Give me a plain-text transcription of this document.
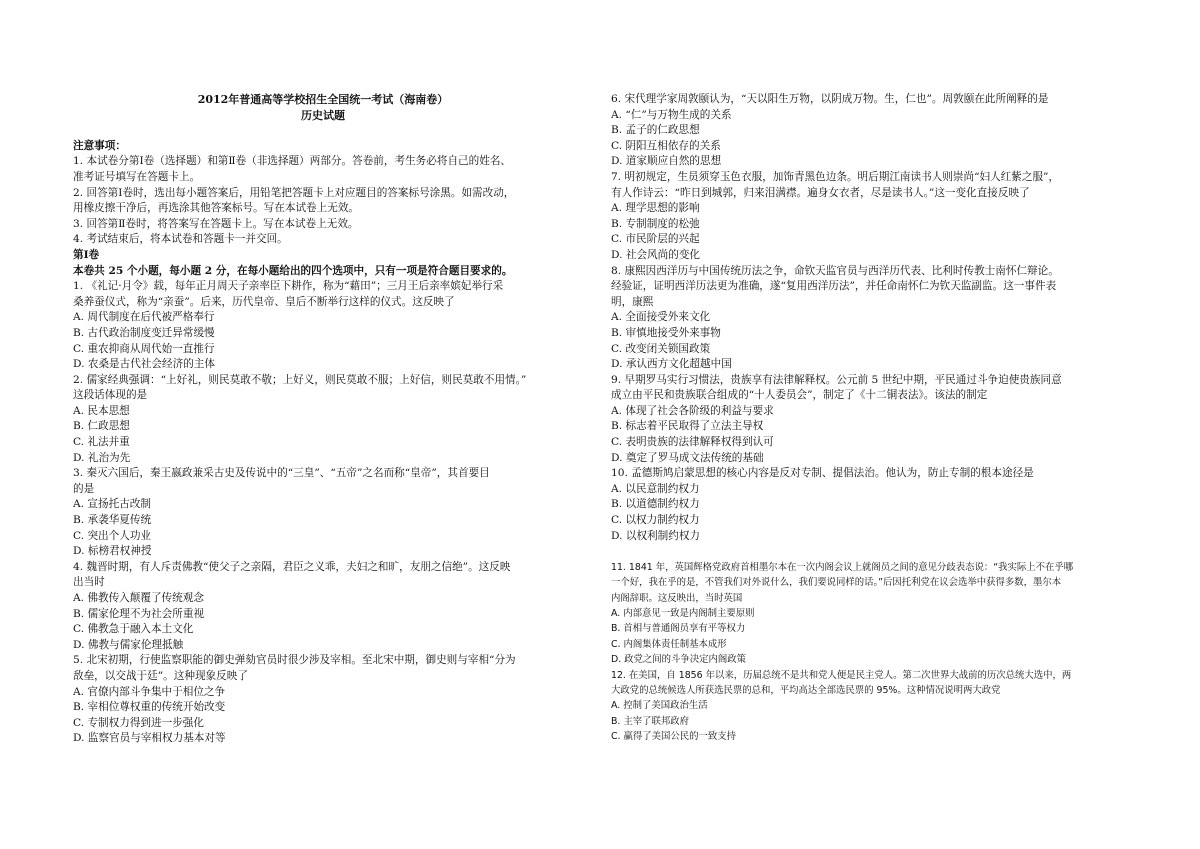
2012年普通高等学校招生全国统一考试（海南卷）
历史试题
注意事项：
1. 本试卷分第Ⅰ卷（选择题）和第Ⅱ卷（非选择题）两部分。答卷前，考生务必将自己的姓名、
准考证号填写在答题卡上。
2. 回答第Ⅰ卷时，选出每小题答案后，用铅笔把答题卡上对应题目的答案标号涂黑。如需改动，
用橡皮擦干净后，再选涂其他答案标号。写在本试卷上无效。
3. 回答第Ⅱ卷时，将答案写在答题卡上。写在本试卷上无效。
4. 考试结束后，将本试卷和答题卡一并交回。
第Ⅰ卷
本卷共 25 个小题，每小题 2 分，在每小题给出的四个选项中，只有一项是符合题目要求的。
1. 《礼记·月令》载，每年正月周天子亲率臣下耕作，称为“藉田”；三月王后亲率嫔妃举行采
桑养蚕仪式，称为“亲蚕”。后来，历代皇帝、皇后不断举行这样的仪式。这反映了
A. 周代制度在后代被严格奉行
B. 古代政治制度变迁异常缓慢
C. 重农抑商从周代始一直推行
D. 农桑是古代社会经济的主体
2. 儒家经典强调：“上好礼，则民莫敢不敬；上好义，则民莫敢不服；上好信，则民莫敢不用情。”
这段话体现的是
A. 民本思想
B. 仁政思想
C. 礼法并重
D. 礼治为先
3. 秦灭六国后，秦王嬴政兼采古史及传说中的“三皇”、“五帝”之名而称“皇帝”，其首要目
的是
A. 宣扬托古改制
B. 承袭华夏传统
C. 突出个人功业
D. 标榜君权神授
4. 魏晋时期，有人斥责佛教“使父子之亲隔，君臣之义乖，夫妇之和旷，友朋之信绝”。这反映
出当时
A. 佛教传入颠覆了传统观念
B. 儒家伦理不为社会所重视
C. 佛教急于融入本土文化
D. 佛教与儒家伦理抵触
5. 北宋初期，行使监察职能的御史弹劾官员时很少涉及宰相。至北宋中期，御史则与宰相“分为
敌垒，以交战于廷”。这种现象反映了
A. 官僚内部斗争集中于相位之争
B. 宰相位尊权重的传统开始改变
C. 专制权力得到进一步强化
D. 监察官员与宰相权力基本对等
6. 宋代理学家周敦颐认为，“天以阳生万物，以阴成万物。生，仁也”。周敦颐在此所阐释的是
A. “仁”与万物生成的关系
B. 孟子的仁政思想
C. 阴阳互相依存的关系
D. 道家顺应自然的思想
7. 明初规定，生员须穿玉色衣服，加饰青黑色边条。明后期江南读书人则崇尚“妇人红紫之服”，
有人作诗云：“昨日到城郭，归来泪满襟。遍身女衣者，尽是读书人。”这一变化直接反映了
A. 理学思想的影响
B. 专制制度的松弛
C. 市民阶层的兴起
D. 社会风尚的变化
8. 康熙因西洋历与中国传统历法之争，命钦天监官员与西洋历代表、比利时传教士南怀仁辩论。
经验证，证明西洋历法更为准确，遂“复用西洋历法”，并任命南怀仁为钦天监副监。这一事件表
明，康熙
A. 全面接受外来文化
B. 审慎地接受外来事物
C. 改变闭关锁国政策
D. 承认西方文化超越中国
9. 早期罗马实行习惯法，贵族享有法律解释权。公元前 5 世纪中期，平民通过斗争迫使贵族同意
成立由平民和贵族联合组成的“十人委员会”，制定了《十二铜表法》。该法的制定
A. 体现了社会各阶级的利益与要求
B. 标志着平民取得了立法主导权
C. 表明贵族的法律解释权得到认可
D. 奠定了罗马成文法传统的基础
10. 孟德斯鸠启蒙思想的核心内容是反对专制、提倡法治。他认为，防止专制的根本途径是
A. 以民意制约权力
B. 以道德制约权力
C. 以权力制约权力
D. 以权利制约权力
11. 1841 年，英国辉格党政府首相墨尔本在一次内阁会议上就阁员之间的意见分歧表态说：“我实际上不在乎哪
一个好，我在乎的是，不管我们对外说什么，我们要说同样的话。”后因托利党在议会选举中获得多数，墨尔本
内阁辞职。这反映出，当时英国
A. 内部意见一致是内阁制主要原则
B. 首相与普通阁员享有平等权力
C. 内阁集体责任制基本成形
D. 政党之间的斗争决定内阁政策
12. 在美国，自 1856 年以来，历届总统不是共和党人便是民主党人。第二次世界大战前的历次总统大选中，两
大政党的总统候选人所获选民票的总和，平均高达全部选民票的 95%。这种情况说明两大政党
A. 控制了美国政治生活
B. 主宰了联邦政府
C. 赢得了美国公民的一致支持
